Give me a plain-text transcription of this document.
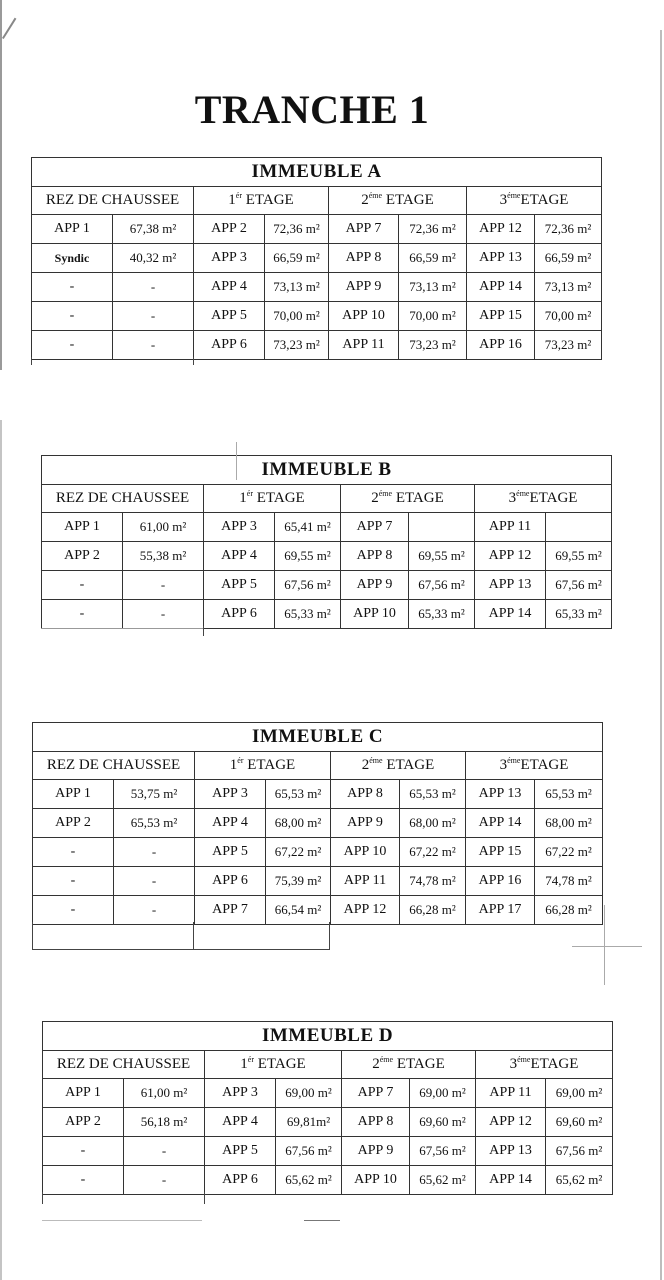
TRANCHE 1
IMMEUBLE A							
REZ DE CHAUSSEE		$1^{ér}$ ETAGE		$2^{éme}$ ETAGE		$3^{éme}ETAGE$	
APP 1	67,38 m²	APP 2	72,36 m²	APP 7	72,36 m²	APP 12	72,36 m²
Syndic	40,32 m²	APP 3	66,59 m²	APP 8	66,59 m²	APP 13	66,59 m²
-	-	APP 4	73,13 m²	APP 9	73,13 m²	APP 14	73,13 m²
-	-	APP 5	70,00 m²	APP 10	70,00 m²	APP 15	70,00 m²
-	-	APP 6	73,23 m²	APP 11	73,23 m²	APP 16	73,23 m²
IMMEUBLE B							
REZ DE CHAUSSEE		$1^{ér}$ ETAGE		$2^{éme}$ ETAGE		$3^{éme}ETAGE$	
APP 1	61,00 m²	APP 3	65,41 m²	APP 7		APP 11	
APP 2	55,38 m²	APP 4	69,55 m²	APP 8	69,55 m²	APP 12	69,55 m²
-	-	APP 5	67,56 m²	APP 9	67,56 m²	APP 13	67,56 m²
-	-	APP 6	65,33 m²	APP 10	65,33 m²	APP 14	65,33 m²
IMMEUBLE C							
REZ DE CHAUSSEE		$1^{ér}$ ETAGE		$2^{éme}$ ETAGE		$3^{éme}ETAGE$	
APP 1	53,75 m²	APP 3	65,53 m²	APP 8	65,53 m²	APP 13	65,53 m²
APP 2	65,53 m²	APP 4	68,00 m²	APP 9	68,00 m²	APP 14	68,00 m²
-	-	APP 5	67,22 m²	APP 10	67,22 m²	APP 15	67,22 m²
-	-	APP 6	75,39 m²	APP 11	74,78 m²	APP 16	74,78 m²
-	-	APP 7	66,54 m²	APP 12	66,28 m²	APP 17	66,28 m²
IMMEUBLE D							
REZ DE CHAUSSEE		$1^{ér}$ ETAGE		$2^{éme}$ ETAGE		$3^{éme}ETAGE$	
APP 1	61,00 m²	APP 3	69,00 m²	APP 7	69,00 m²	APP 11	69,00 m²
APP 2	56,18 m²	APP 4	69,81m²	APP 8	69,60 m²	APP 12	69,60 m²
-	-	APP 5	67,56 m²	APP 9	67,56 m²	APP 13	67,56 m²
-	-	APP 6	65,62 m²	APP 10	65,62 m²	APP 14	65,62 m²
